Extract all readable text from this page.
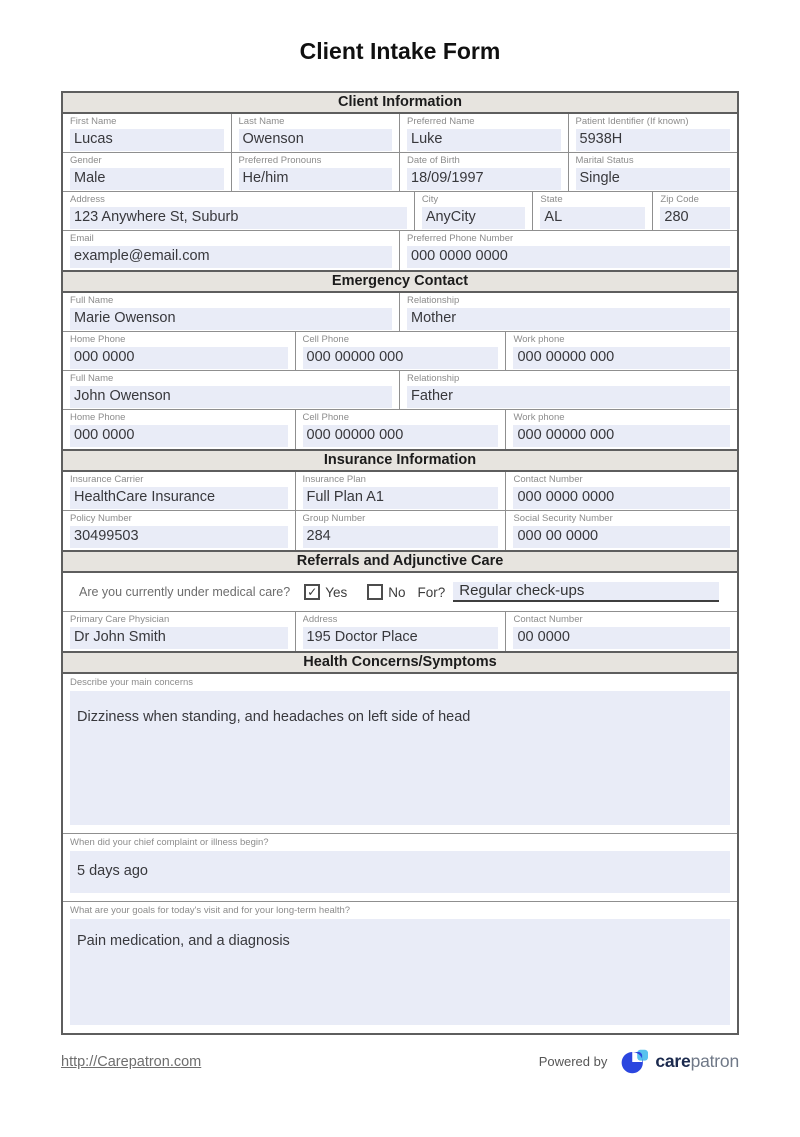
Client Intake Form
Client Information
First Name
Lucas
Last Name
Owenson
Preferred Name
Luke
Patient Identifier (If known)
5938H
Gender
Male
Preferred Pronouns
He/him
Date of Birth
18/09/1997
Marital Status
Single
Address
123 Anywhere St, Suburb
City
AnyCity
State
AL
Zip Code
280
Email
example@email.com
Preferred Phone Number
000 0000 0000
Emergency Contact
Full Name
Marie Owenson
Relationship
Mother
Home Phone
000 0000
Cell Phone
000 00000 000
Work phone
000 00000 000
Full Name
John Owenson
Relationship
Father
Home Phone
000 0000
Cell Phone
000 00000 000
Work phone
000 00000 000
Insurance Information
Insurance Carrier
HealthCare Insurance
Insurance Plan
Full Plan A1
Contact Number
000 0000 0000
Policy Number
30499503
Group Number
284
Social Security Number
000 00 0000
Referrals and Adjunctive Care
Are you currently under medical care? ✓ Yes	No For? Regular check-ups
Primary Care Physician
Dr John Smith
Address
195 Doctor Place
Contact Number
00 0000
Health Concerns/Symptoms
Describe your main concerns
Dizziness when standing, and headaches on left side of head
When did your chief complaint or illness begin?
5 days ago
What are your goals for today's visit and for your long-term health?
Pain medication, and a diagnosis
http://Carepatron.com	Powered by	carepatron
